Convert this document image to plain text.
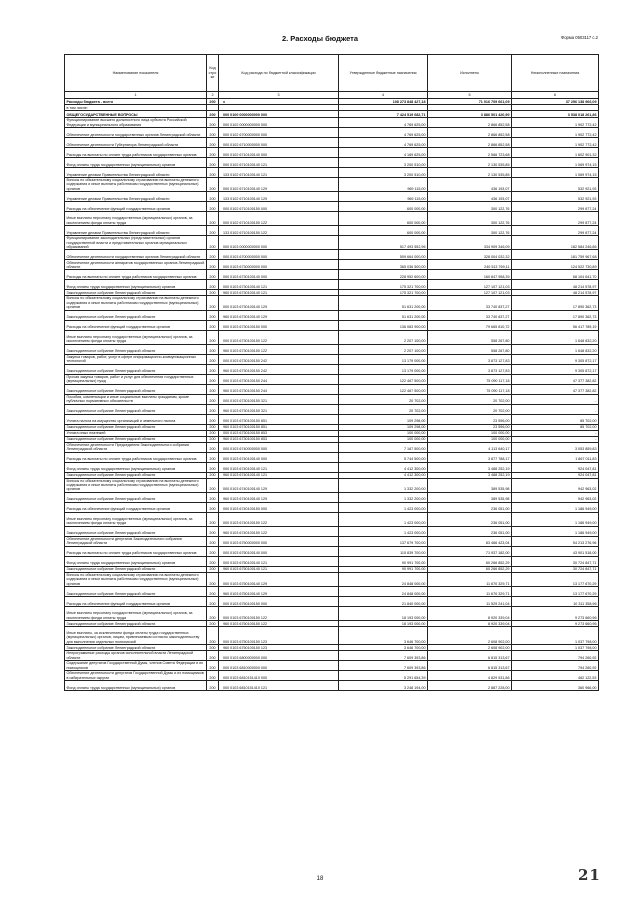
2. Расходы бюджета	Форма 0503117 с.2
Наименование показателя	Код стро ки	Код расхода по бюджетной классификации	Утвержденные бюджетные назначения	Исполнено	Неисполненные назначения
1	2	3	4	5	6
Расходы бюджета - всего	200	х	108 273 848 427,18	71 016 709 661,09	37 256 138 966,09
в том числе:					
ОБЩЕГОСУДАРСТВЕННЫЕ ВОПРОСЫ	200	000 0100 0000000000 000	7 424 519 682,71	3 886 501 420,90	3 538 018 261,86
Функционирование высшего должностного лица субъекта Российской Федерации и муниципального образования	200	000 0102 0000000000 000	4 769 625,00	2 866 852,58	1 902 772,42
Обеспечение деятельности государственных органов Ленинградской области	200	000 0102 6700000000 000	4 769 625,00	2 866 852,58	1 902 772,42
Обеспечение деятельности Губернатора Ленинградской области	200	000 0102 6710000000 000	4 769 625,00	2 866 852,58	1 902 772,42
Расходы на выплаты по оплате труда работников государственных органов	200	000 0102 6710100140 000	4 169 625,00	2 566 723,68	1 602 901,32
Фонд оплаты труда государственных (муниципальных) органов	200	000 0102 6710100140 121	3 200 510,00	2 130 535,85	1 069 974,15
Управление делами Правительства Ленинградской области	200	133 0102 6710100140 121	3 200 510,00	2 130 535,85	1 069 974,15
Взносы по обязательному социальному страхованию на выплаты денежного содержания и иные выплаты работникам государственных (муниципальных) органов	200	000 0102 6710100140 129	969 115,00	436 193,07	532 921,93
Управление делами Правительства Ленинградской области	200	133 0102 6710100140 129	969 115,00	436 193,07	532 921,93
Расходы на обеспечение функций государственных органов	200	000 0102 6710100150 000	600 000,00	300 122,76	299 877,24
Иные выплаты персоналу государственных (муниципальных) органов, за исключением фонда оплаты труда	200	000 0102 6710100150 122	600 000,00	300 122,76	299 877,24
Управление делами Правительства Ленинградской области	200	133 0102 6710100150 122	600 000,00	300 122,76	299 877,24
Функционирование законодательных (представительных) органов государственной власти и представительных органов муниципальных образований	200	000 0103 0000000000 000	517 493 552,96	334 909 346,09	182 584 246,86
Обеспечение деятельности государственных органов Ленинградской области	200	000 0103 6700000000 000	509 664 000,00	328 004 032,32	181 759 967,68
Обеспечение деятельности аппаратов государственных органов Ленинградской области	200	000 0103 6730000000 000	365 036 500,00	240 513 769,11	124 522 730,89
Расходы на выплаты по оплате труда работников государственных органов	200	000 0103 6730100140 000	228 952 600,00	160 847 958,39	68 104 641,70
Фонд оплаты труда государственных (муниципальных) органов	200	000 0103 6730100140 121	175 321 700,00	127 107 121,03	48 214 578,97
Законодательное собрание Ленинградской области	200	960 0103 6730100140 121	175 321 700,00	127 107 121,03	48 214 578,97
Взносы по обязательному социальному страхованию на выплаты денежного содержания и иные выплаты работникам государственных (муниципальных) органов	200	000 0103 6730100140 129	51 631 200,00	33 740 837,27	17 890 362,73
Законодательное собрание Ленинградской области	200	960 0103 6730100140 129	51 631 200,00	33 740 837,27	17 890 362,73
Расходы на обеспечение функций государственных органов	200	000 0103 6730100150 000	136 083 900,00	79 665 810,72	56 417 789,19
Иные выплаты персоналу государственных (муниципальных) органов, за исключением фонда оплаты труда	200	000 0103 6730100150 122	2 207 100,00	558 267,80	1 648 832,20
Законодательное собрание Ленинградской области	200	960 0103 6730100150 122	2 207 100,00	558 267,80	1 648 832,20
Закупка товаров, работ, услуг в сфере информационно-коммуникационных технологий	200	000 0103 6730100150 242	13 179 000,00	3 873 127,83	9 305 872,17
Законодательное собрание Ленинградской области	200	960 0103 6730100150 242	13 179 000,00	3 873 127,83	9 305 872,17
Прочая закупка товаров, работ и услуг для обеспечения государственных (муниципальных) нужд	200	000 0103 6730100150 244	122 467 500,00	75 090 117,18	47 377 382,82
Законодательное собрание Ленинградской области	200	960 0103 6730100150 244	122 467 500,00	75 090 117,18	47 377 382,82
Пособия, компенсации и иные социальные выплаты гражданам, кроме публичных нормативных обязательств	200	000 0103 6730100150 321	20 702,00	20 702,00	-
Законодательное собрание Ленинградской области	200	960 0103 6730100150 321	20 702,00	20 702,00	-
Уплата налога на имущество организаций и земельного налога	200	000 0103 6730100150 851	109 298,00	23 596,00	85 702,00
Законодательное собрание Ленинградской области	200	960 0103 6730100150 851	109 298,00	23 596,00	85 702,00
Уплата иных платежей	200	000 0103 6730100150 853	100 000,00	100 000,00	-
Законодательное собрание Ленинградской области	200	960 0103 6730100150 853	100 000,00	100 000,00	-
Обеспечение деятельности Председателя Законодательного собрания Ленинградской области	200	000 0103 6740000000 000	7 167 500,00	4 113 640,17	3 053 859,83
Расходы на выплаты по оплате труда работников государственных органов	200	000 0103 6740100140 000	5 744 500,00	3 877 788,17	1 867 011,83
Фонд оплаты труда государственных (муниципальных) органов	200	000 0103 6740100140 121	4 412 300,00	3 488 252,19	924 047,81
Законодательное собрание Ленинградской области	200	960 0103 6740100140 121	4 412 300,00	3 488 252,19	924 047,81
Взносы по обязательному социальному страхованию на выплаты денежного содержания и иные выплаты работникам государственных (муниципальных) органов	200	000 0103 6740100140 129	1 332 200,00	389 535,98	942 963,02
Законодательное собрание Ленинградской области	200	960 0103 6740100140 129	1 332 200,00	389 535,98	942 963,02
Расходы на обеспечение функций государственных органов	200	000 0103 6740100150 000	1 423 000,00	236 051,00	1 186 949,00
Иные выплаты персоналу государственных (муниципальных) органов, за исключением фонда оплаты труда	200	000 0103 6740100150 122	1 423 000,00	236 051,00	1 186 949,00
Законодательное собрание Ленинградской области	200	960 0103 6740100150 122	1 423 000,00	236 051,00	1 186 949,00
Обеспечение деятельности депутатов Законодательного собрания Ленинградской области	200	000 0103 6750000000 000	137 679 700,00	83 466 423,04	54 213 276,96
Расходы на выплаты по оплате труда работников государственных органов	200	000 0103 6750100140 000	115 839 700,00	71 937 182,00	43 901 518,00
Фонд оплаты труда государственных (муниципальных) органов	200	000 0103 6750100140 121	90 991 700,00	60 266 852,29	30 724 847,71
Законодательное собрание Ленинградской области	200	960 0103 6750100140 121	90 991 700,00	60 266 852,29	30 724 847,71
Взносы по обязательному социальному страхованию на выплаты денежного содержания и иные выплаты работникам государственных (муниципальных) органов	200	000 0103 6750100140 129	24 848 000,00	11 670 329,71	13 177 670,29
Законодательное собрание Ленинградской области	200	960 0103 6750100140 129	24 848 000,00	11 670 329,71	13 177 670,29
Расходы на обеспечение функций государственных органов	200	000 0103 6750100150 000	21 840 000,00	11 529 241,04	10 311 358,96
Иные выплаты персоналу государственных (муниципальных) органов, за исключением фонда оплаты труда	200	000 0103 6750100150 122	18 193 000,00	8 920 339,04	9 273 660,96
Законодательное собрание Ленинградской области	200	960 0103 6750100150 122	18 193 000,00	8 920 339,04	9 273 660,96
Иные выплаты, за исключением фонда оплаты труда государственных (муниципальных) органов, лицам, привлекаемым согласно законодательству для выполнения отдельных полномочий	200	000 0103 6750100150 123	3 646 700,00	2 608 902,00	1 037 798,00
Законодательное собрание Ленинградской области	200	960 0103 6750100150 123	3 646 700,00	2 608 902,00	1 037 798,00
Непрограммные расходы органов исполнительной власти Ленинградской области	200	000 0103 6800000000 000	7 609 393,86	6 815 313,67	794 260,92
Содержание депутатов Государственной Думы, членов Совета Федерации и их помощников	200	000 0103 6810000000 000	7 609 393,86	6 815 313,67	794 260,92
Обеспечение деятельности депутатов Государственной Думы и их помощников в избирательных округах	200	000 0103 6810151410 000	5 291 654,39	4 829 531,86	462 122,53
Фонд оплаты труда государственных (муниципальных) органов	200	000 0103 6810151410 121	3 248 194,00	2 887 228,00	360 966,00
18	21
